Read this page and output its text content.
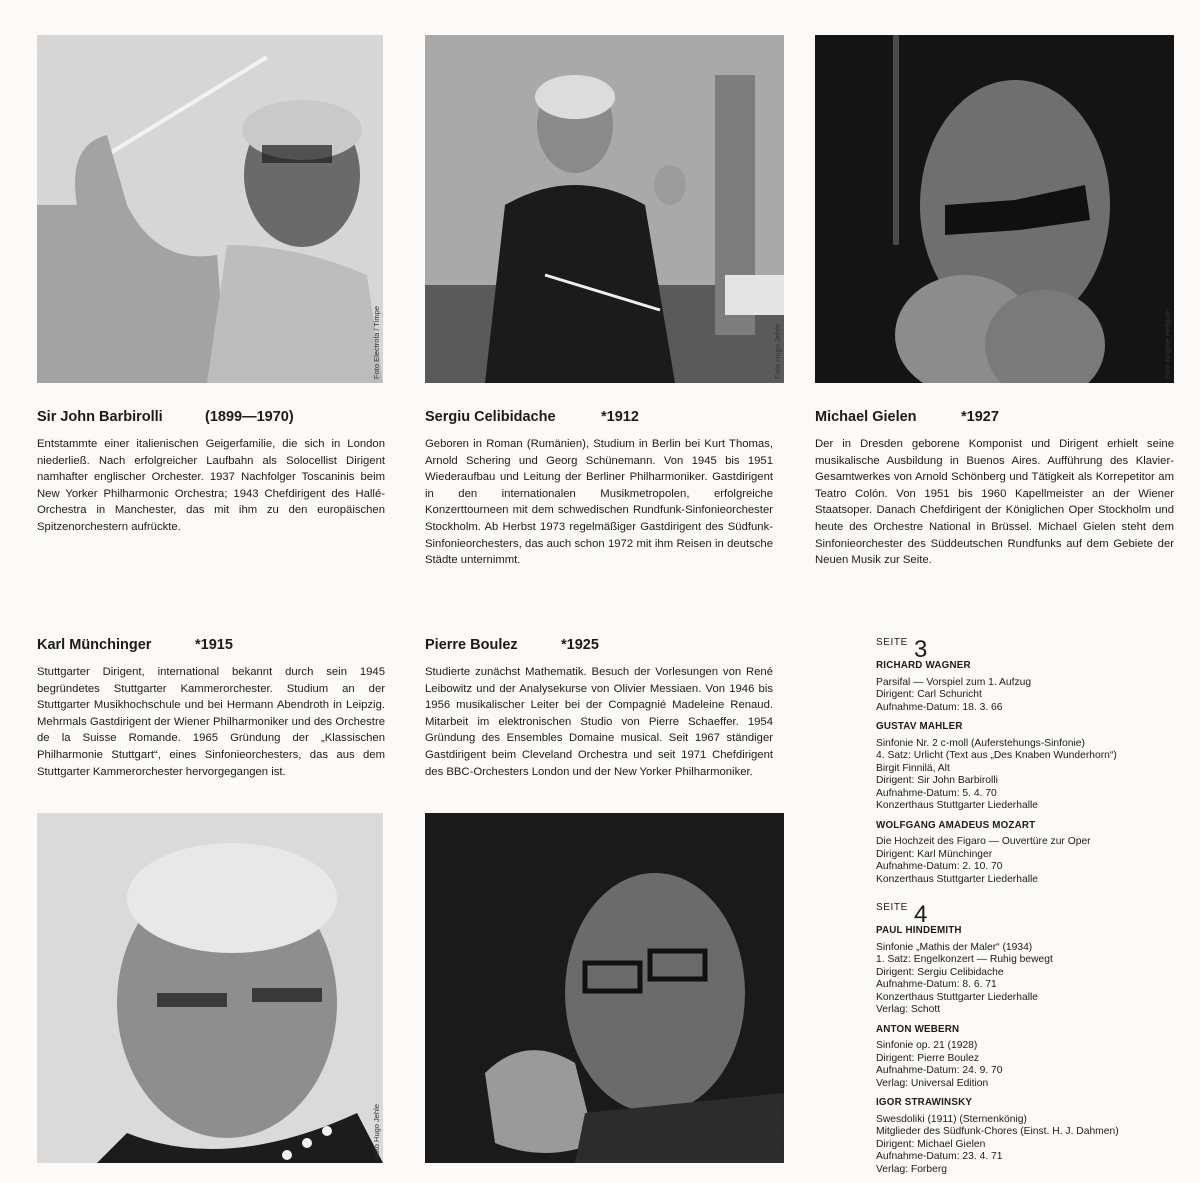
Foto Electrola / Timpe	Foto Hugo Jehle	Foto Brigitte Hellgoth
Foto Hugo Jehle	Foto Hugo Jehle
Sir John Barbirolli	(1899—1970)

Entstammte einer italienischen Geigerfamilie, die sich in London niederließ. Nach erfolgreicher Laufbahn als Solocellist Dirigent namhafter englischer Orchester. 1937 Nachfolger Toscaninis beim New Yorker Philharmonic Orchestra; 1943 Chefdirigent des Hallé-Orchestra in Manchester, das mit ihm zu den europäischen Spitzenorchestern aufrückte.

Sergiu Celibidache	*1912

Geboren in Roman (Rumänien), Studium in Berlin bei Kurt Thomas, Arnold Schering und Georg Schünemann. Von 1945 bis 1951 Wiederaufbau und Leitung der Berliner Philharmoniker. Gastdirigent in den internationalen Musikmetropolen, erfolgreiche Konzerttourneen mit dem schwedischen Rundfunk-Sinfonieorchester Stockholm. Ab Herbst 1973 regelmäßiger Gastdirigent des Südfunk-Sinfonieorchesters, das auch schon 1972 mit ihm Reisen in deutsche Städte unternimmt.

Michael Gielen	*1927

Der in Dresden geborene Komponist und Dirigent erhielt seine musikalische Ausbildung in Buenos Aires. Aufführung des Klavier-Gesamtwerkes von Arnold Schönberg und Tätigkeit als Korrepetitor am Teatro Colón. Von 1951 bis 1960 Kapellmeister an der Wiener Staatsoper. Danach Chefdirigent der Königlichen Oper Stockholm und heute des Orchestre National in Brüssel. Michael Gielen steht dem Sinfonieorchester des Süddeutschen Rundfunks auf dem Gebiete der Neuen Musik zur Seite.

Karl Münchinger	*1915

Stuttgarter Dirigent, international bekannt durch sein 1945 begründetes Stuttgarter Kammerorchester. Studium an der Stuttgarter Musikhochschule und bei Hermann Abendroth in Leipzig. Mehrmals Gastdirigent der Wiener Philharmoniker und des Orchestre de la Suisse Romande. 1965 Gründung der „Klassischen Philharmonie Stuttgart“, eines Sinfonieorchesters, das aus dem Stuttgarter Kammerorchester hervorgegangen ist.

Pierre Boulez	*1925

Studierte zunächst Mathematik. Besuch der Vorlesungen von René Leibowitz und der Analysekurse von Olivier Messiaen. Von 1946 bis 1956 musikalischer Leiter bei der Compagnié Madeleine Renaud. Mitarbeit im elektronischen Studio von Pierre Schaeffer. 1954 Gründung des Ensembles Domaine musical. Seit 1967 ständiger Gastdirigent beim Cleveland Orchestra und seit 1971 Chefdirigent des BBC-Orchesters London und der New Yorker Philharmoniker.

SEITE 3
RICHARD WAGNER
Parsifal — Vorspiel zum 1. Aufzug
Dirigent: Carl Schuricht
Aufnahme-Datum: 18. 3. 66
GUSTAV MAHLER
Sinfonie Nr. 2 c-moll (Auferstehungs-Sinfonie)
4. Satz: Urlicht (Text aus „Des Knaben Wunderhorn“)
Birgit Finnilä, Alt
Dirigent: Sir John Barbirolli
Aufnahme-Datum: 5. 4. 70
Konzerthaus Stuttgarter Liederhalle
WOLFGANG AMADEUS MOZART
Die Hochzeit des Figaro — Ouvertüre zur Oper
Dirigent: Karl Münchinger
Aufnahme-Datum: 2. 10. 70
Konzerthaus Stuttgarter Liederhalle
SEITE 4
PAUL HINDEMITH
Sinfonie „Mathis der Maler“ (1934)
1. Satz: Engelkonzert — Ruhig bewegt
Dirigent: Sergiu Celibidache
Aufnahme-Datum: 8. 6. 71
Konzerthaus Stuttgarter Liederhalle
Verlag: Schott
ANTON WEBERN
Sinfonie op. 21 (1928)
Dirigent: Pierre Boulez
Aufnahme-Datum: 24. 9. 70
Verlag: Universal Edition
IGOR STRAWINSKY
Swesdoliki (1911) (Sternenkönig)
Mitglieder des Südfunk-Chores (Einst. H. J. Dahmen)
Dirigent: Michael Gielen
Aufnahme-Datum: 23. 4. 71
Verlag: Forberg
